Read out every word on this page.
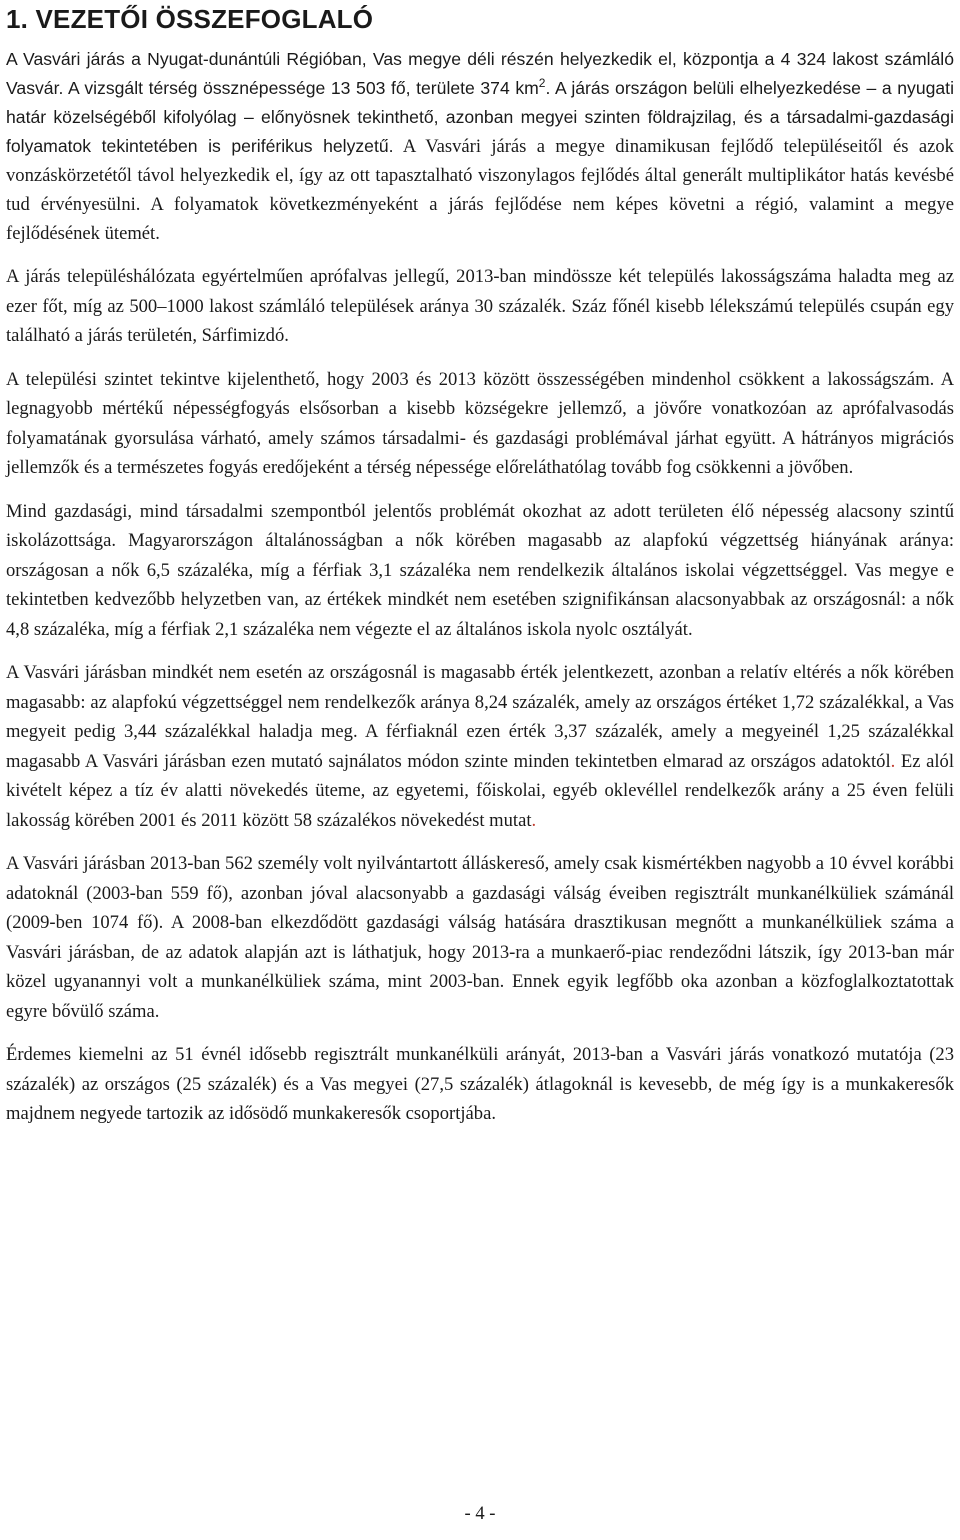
1. VEZETŐI ÖSSZEFOGLALÓ

A Vasvári járás a Nyugat-dunántúli Régióban, Vas megye déli részén helyezkedik el, központja a 4 324 lakost számláló Vasvár. A vizsgált térség össznépessége 13 503 fő, területe 374 $km^2$. A járás országon belüli elhelyezkedése – a nyugati határ közelségéből kifolyólag – előnyösnek tekinthető, azonban megyei szinten földrajzilag, és a társadalmi-gazdasági folyamatok tekintetében is periférikus helyzetű. A Vasvári járás a megye dinamikusan fejlődő településeitől és azok vonzáskörzetétől távol helyezkedik el, így az ott tapasztalható viszonylagos fejlődés által generált multiplikátor hatás kevésbé tud érvényesülni. A folyamatok következményeként a járás fejlődése nem képes követni a régió, valamint a megye fejlődésének ütemét.

A járás településhálózata egyértelműen aprófalvas jellegű, 2013-ban mindössze két település lakosságszáma haladta meg az ezer főt, míg az 500–1000 lakost számláló települések aránya 30 százalék. Száz főnél kisebb lélekszámú település csupán egy található a járás területén, Sárfimizdó.

A települési szintet tekintve kijelenthető, hogy 2003 és 2013 között összességében mindenhol csökkent a lakosságszám. A legnagyobb mértékű népességfogyás elsősorban a kisebb községekre jellemző, a jövőre vonatkozóan az aprófalvasodás folyamatának gyorsulása várható, amely számos társadalmi- és gazdasági problémával járhat együtt. A hátrányos migrációs jellemzők és a természetes fogyás eredőjeként a térség népessége előreláthatólag tovább fog csökkenni a jövőben.

Mind gazdasági, mind társadalmi szempontból jelentős problémát okozhat az adott területen élő népesség alacsony szintű iskolázottsága. Magyarországon általánosságban a nők körében magasabb az alapfokú végzettség hiányának aránya: országosan a nők 6,5 százaléka, míg a férfiak 3,1 százaléka nem rendelkezik általános iskolai végzettséggel. Vas megye e tekintetben kedvezőbb helyzetben van, az értékek mindkét nem esetében szignifikánsan alacsonyabbak az országosnál: a nők 4,8 százaléka, míg a férfiak 2,1 százaléka nem végezte el az általános iskola nyolc osztályát.

A Vasvári járásban mindkét nem esetén az országosnál is magasabb érték jelentkezett, azonban a relatív eltérés a nők körében magasabb: az alapfokú végzettséggel nem rendelkezők aránya 8,24 százalék, amely az országos értéket 1,72 százalékkal, a Vas megyeit pedig 3,44 százalékkal haladja meg. A férfiaknál ezen érték 3,37 százalék, amely a megyeinél 1,25 százalékkal magasabb A Vasvári járásban ezen mutató sajnálatos módon szinte minden tekintetben elmarad az országos adatoktól. Ez alól kivételt képez a tíz év alatti növekedés üteme, az egyetemi, főiskolai, egyéb oklevéllel rendelkezők arány a 25 éven felüli lakosság körében 2001 és 2011 között 58 százalékos növekedést mutat.

A Vasvári járásban 2013-ban 562 személy volt nyilvántartott álláskereső, amely csak kismértékben nagyobb a 10 évvel korábbi adatoknál (2003-ban 559 fő), azonban jóval alacsonyabb a gazdasági válság éveiben regisztrált munkanélküliek számánál (2009-ben 1074 fő). A 2008-ban elkezdődött gazdasági válság hatására drasztikusan megnőtt a munkanélküliek száma a Vasvári járásban, de az adatok alapján azt is láthatjuk, hogy 2013-ra a munkaerő-piac rendeződni látszik, így 2013-ban már közel ugyanannyi volt a munkanélküliek száma, mint 2003-ban. Ennek egyik legfőbb oka azonban a közfoglalkoztatottak egyre bővülő száma.

Érdemes kiemelni az 51 évnél idősebb regisztrált munkanélküli arányát, 2013-ban a Vasvári járás vonatkozó mutatója (23 százalék) az országos (25 százalék) és a Vas megyei (27,5 százalék) átlagoknál is kevesebb, de még így is a munkakeresők majdnem negyede tartozik az idősödő munkakeresők csoportjába.

- 4 -
